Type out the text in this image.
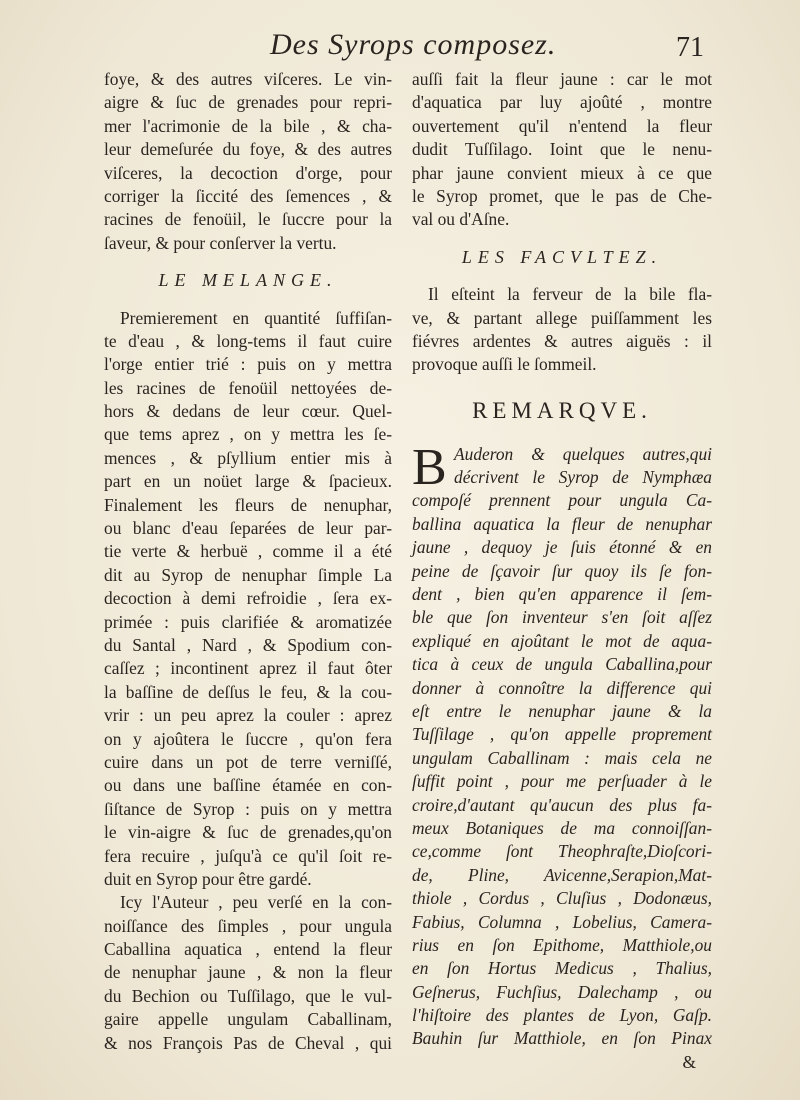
Des Syrops composez.	71
foye, & des autres viſceres. Le vin-
aigre & ſuc de grenades pour repri-
mer l'acrimonie de la bile , & cha-
leur demeſurée du foye, & des autres
viſceres, la decoction d'orge, pour
corriger la ſiccité des ſemences , &
racines de fenoüil, le ſuccre pour la
ſaveur, & pour conſerver la vertu.
LE MELANGE.
Premierement en quantité ſuffiſan-
te d'eau , & long-tems il faut cuire
l'orge entier trié : puis on y mettra
les racines de fenoüil nettoyées de-
hors & dedans de leur cœur. Quel-
que tems aprez , on y mettra les ſe-
mences , & pſyllium entier mis à
part en un noüet large & ſpacieux.
Finalement les fleurs de nenuphar,
ou blanc d'eau ſeparées de leur par-
tie verte & herbuë , comme il a été
dit au Syrop de nenuphar ſimple La
decoction à demi refroidie , ſera ex-
primée : puis clarifiée & aromatizée
du Santal , Nard , & Spodium con-
caſſez ; incontinent aprez il faut ôter
la baſſine de deſſus le feu, & la cou-
vrir : un peu aprez la couler : aprez
on y ajoûtera le ſuccre , qu'on fera
cuire dans un pot de terre verniſſé,
ou dans une baſſine étamée en con-
ſiſtance de Syrop : puis on y mettra
le vin-aigre & ſuc de grenades,qu'on
fera recuire , juſqu'à ce qu'il ſoit re-
duit en Syrop pour être gardé.
Icy l'Auteur , peu verſé en la con-
noiſſance des ſimples , pour ungula
Caballina aquatica , entend la fleur
de nenuphar jaune , & non la fleur
du Bechion ou Tuſſilago, que le vul-
gaire appelle ungulam Caballinam,
& nos François Pas de Cheval , qui
auſſi fait la fleur jaune : car le mot
d'aquatica par luy ajoûté , montre
ouvertement qu'il n'entend la fleur
dudit Tuſſilago. Ioint que le nenu-
phar jaune convient mieux à ce que
le Syrop promet, que le pas de Che-
val ou d'Aſne.
LES FACVLTEZ.
Il eſteint la ferveur de la bile fla-
ve, & partant allege puiſſamment les
fiévres ardentes & autres aiguës : il
provoque auſſi le ſommeil.
REMARQVE.
B Auderon & quelques autres,qui
décrivent le Syrop de Nymphæa
compoſé prennent pour ungula Ca-
ballina aquatica la fleur de nenuphar
jaune , dequoy je ſuis étonné & en
peine de ſçavoir ſur quoy ils ſe fon-
dent , bien qu'en apparence il ſem-
ble que ſon inventeur s'en ſoit aſſez
expliqué en ajoûtant le mot de aqua-
tica à ceux de ungula Caballina,pour
donner à connoître la difference qui
eſt entre le nenuphar jaune & la
Tuſſilage , qu'on appelle proprement
ungulam Caballinam : mais cela ne
ſuffit point , pour me perſuader à le
croire,d'autant qu'aucun des plus fa-
meux Botaniques de ma connoiſſan-
ce,comme ſont Theophraſte,Dioſcori-
de, Pline, Avicenne,Serapion,Mat-
thiole , Cordus , Cluſius , Dodonæus,
Fabius, Columna , Lobelius, Camera-
rius en ſon Epithome, Matthiole,ou
en ſon Hortus Medicus , Thalius,
Geſnerus, Fuchſius, Dalechamp , ou
l'hiſtoire des plantes de Lyon, Gaſp.
Bauhin ſur Matthiole, en ſon Pinax
&
